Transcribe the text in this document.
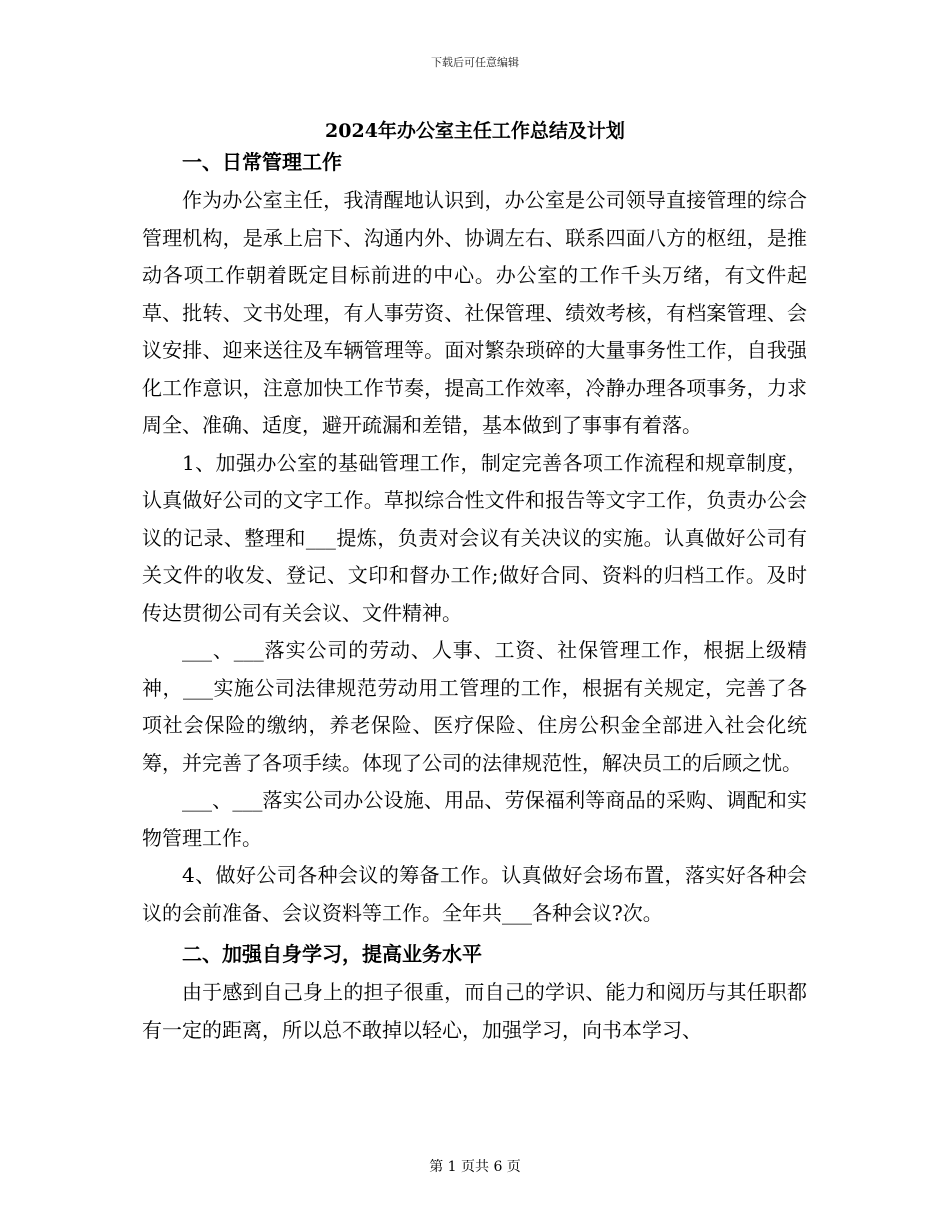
下载后可任意编辑
2024年办公室主任工作总结及计划
一、日常管理工作

作为办公室主任，我清醒地认识到，办公室是公司领导直接管理的综合管理机构，是承上启下、沟通内外、协调左右、联系四面八方的枢纽，是推动各项工作朝着既定目标前进的中心。办公室的工作千头万绪，有文件起草、批转、文书处理，有人事劳资、社保管理、绩效考核，有档案管理、会议安排、迎来送往及车辆管理等。面对繁杂琐碎的大量事务性工作，自我强化工作意识，注意加快工作节奏，提高工作效率，冷静办理各项事务，力求周全、准确、适度，避开疏漏和差错，基本做到了事事有着落。

1、加强办公室的基础管理工作，制定完善各项工作流程和规章制度，认真做好公司的文字工作。草拟综合性文件和报告等文字工作，负责办公会议的记录、整理和___提炼，负责对会议有关决议的实施。认真做好公司有关文件的收发、登记、文印和督办工作;做好合同、资料的归档工作。及时传达贯彻公司有关会议、文件精神。

___、___落实公司的劳动、人事、工资、社保管理工作，根据上级精神，___实施公司法律规范劳动用工管理的工作，根据有关规定，完善了各项社会保险的缴纳，养老保险、医疗保险、住房公积金全部进入社会化统筹，并完善了各项手续。体现了公司的法律规范性，解决员工的后顾之忧。

___、___落实公司办公设施、用品、劳保福利等商品的采购、调配和实物管理工作。

4、做好公司各种会议的筹备工作。认真做好会场布置，落实好各种会议的会前准备、会议资料等工作。全年共___各种会议?次。

二、加强自身学习，提高业务水平

由于感到自己身上的担子很重，而自己的学识、能力和阅历与其任职都有一定的距离，所以总不敢掉以轻心，加强学习，向书本学习、

第 1 页共 6 页
